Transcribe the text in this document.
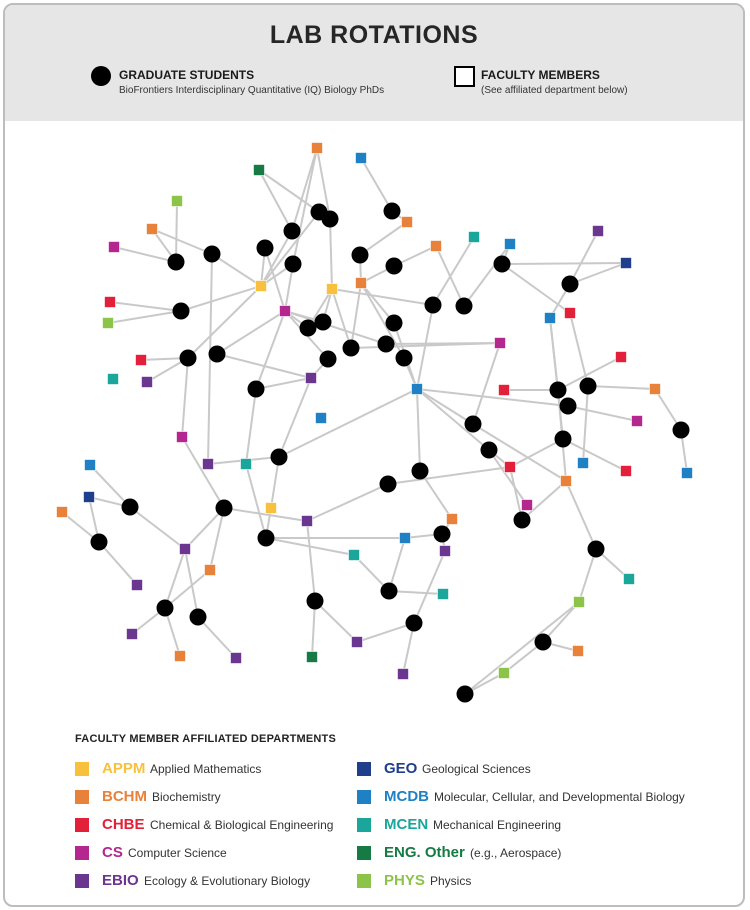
LAB ROTATIONS
GRADUATE STUDENTS
BioFrontiers Interdisciplinary Quantitative (IQ) Biology PhDs
FACULTY MEMBERS
(See affiliated department below)
FACULTY MEMBER AFFILIATED DEPARTMENTS
APPM Applied Mathematics
BCHM Biochemistry
CHBE Chemical & Biological Engineering
CS Computer Science
EBIO Ecology & Evolutionary Biology
GEO Geological Sciences
MCDB Molecular, Cellular, and Developmental Biology
MCEN Mechanical Engineering
ENG. Other (e.g., Aerospace)
PHYS Physics
